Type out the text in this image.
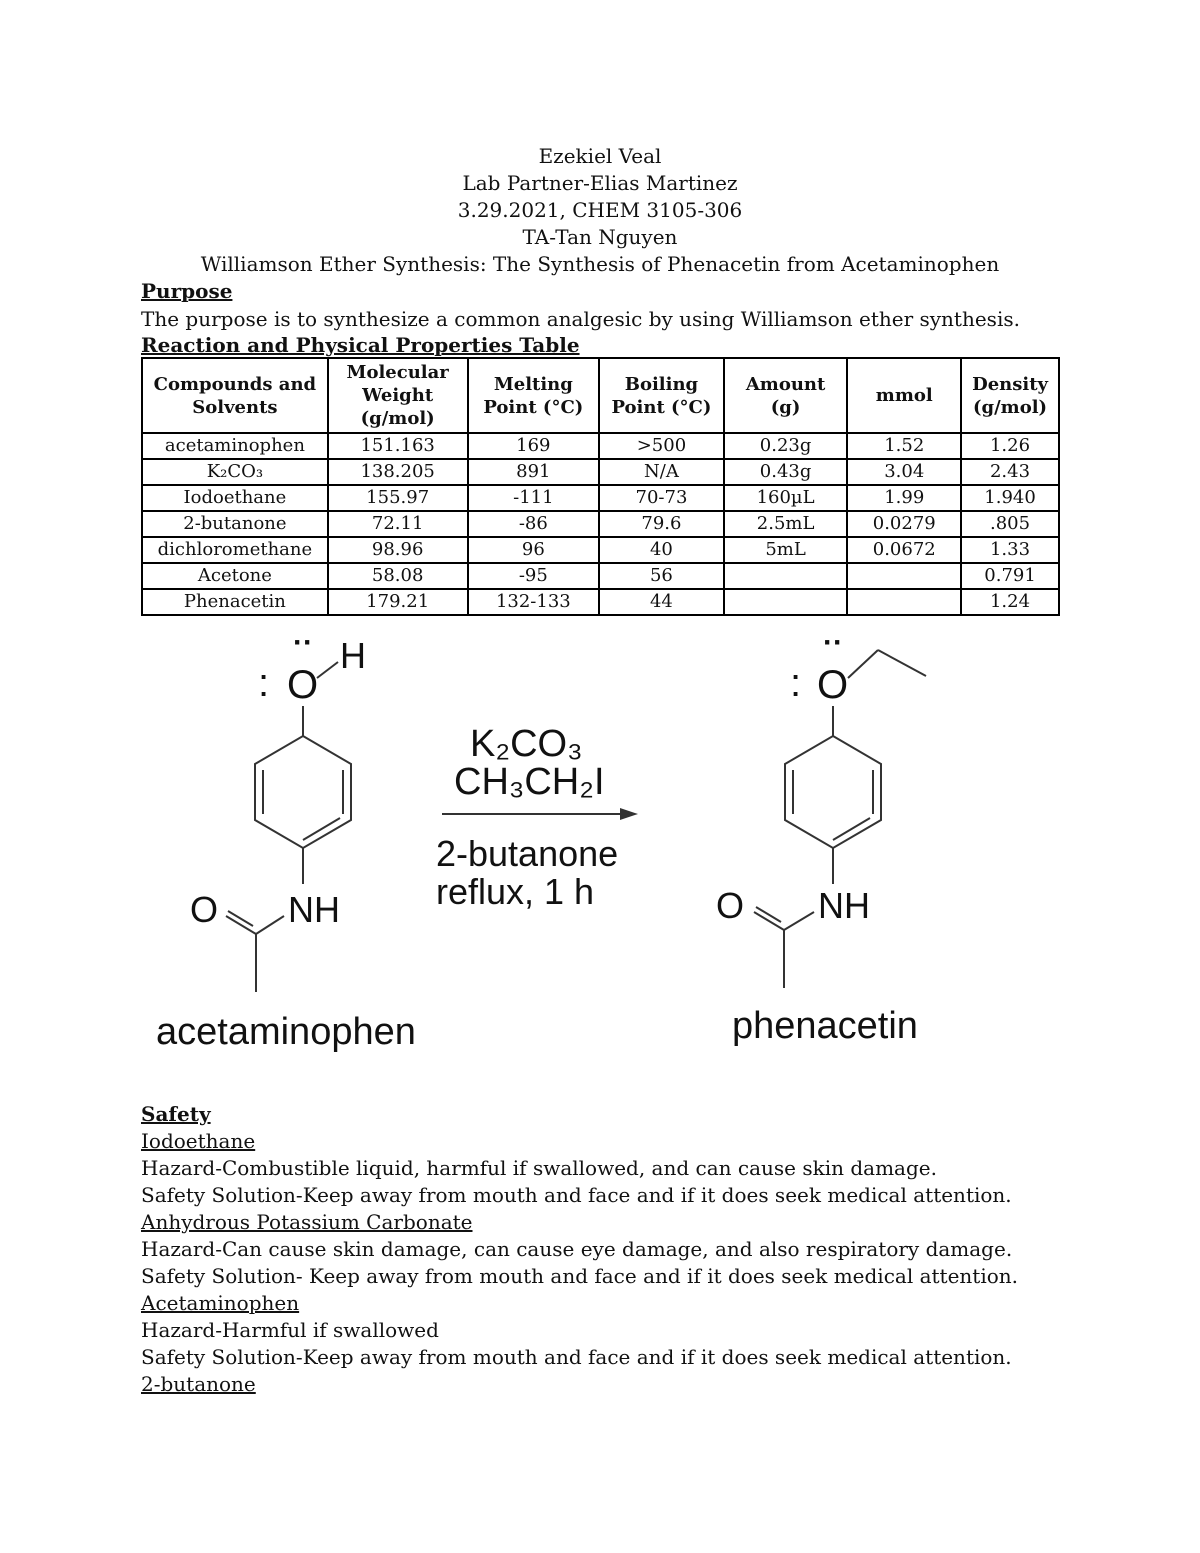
Ezekiel Veal
Lab Partner-Elias Martinez
3.29.2021, CHEM 3105-306
TA-Tan Nguyen
Williamson Ether Synthesis: The Synthesis of Phenacetin from Acetaminophen
Purpose
The purpose is to synthesize a common analgesic by using Williamson ether synthesis.
Reaction and Physical Properties Table
Compounds and Solvents	Molecular Weight (g/mol)	Melting Point (°C)	Boiling Point (°C)	Amount (g)	mmol	Density (g/mol)
acetaminophen	151.163	169	>500	0.23g	1.52	1.26
K₂CO₃	138.205	891	N/A	0.43g	3.04	2.43
Iodoethane	155.97	-111	70-73	160µL	1.99	1.940
2-butanone	72.11	-86	79.6	2.5mL	0.0279	.805
dichloromethane	98.96	96	40	5mL	0.0672	1.33
Acetone	58.08	-95	56			0.791
Phenacetin	179.21	132-133	44			1.24
:
··
O
H
NH
O
acetaminophen
K₂CO₃
CH₃CH₂I
2-butanone
reflux, 1 h
:
··
O
NH
O
phenacetin
Safety
Iodoethane
Hazard-Combustible liquid, harmful if swallowed, and can cause skin damage.
Safety Solution-Keep away from mouth and face and if it does seek medical attention.
Anhydrous Potassium Carbonate
Hazard-Can cause skin damage, can cause eye damage, and also respiratory damage.
Safety Solution- Keep away from mouth and face and if it does seek medical attention.
Acetaminophen
Hazard-Harmful if swallowed
Safety Solution-Keep away from mouth and face and if it does seek medical attention.
2-butanone
